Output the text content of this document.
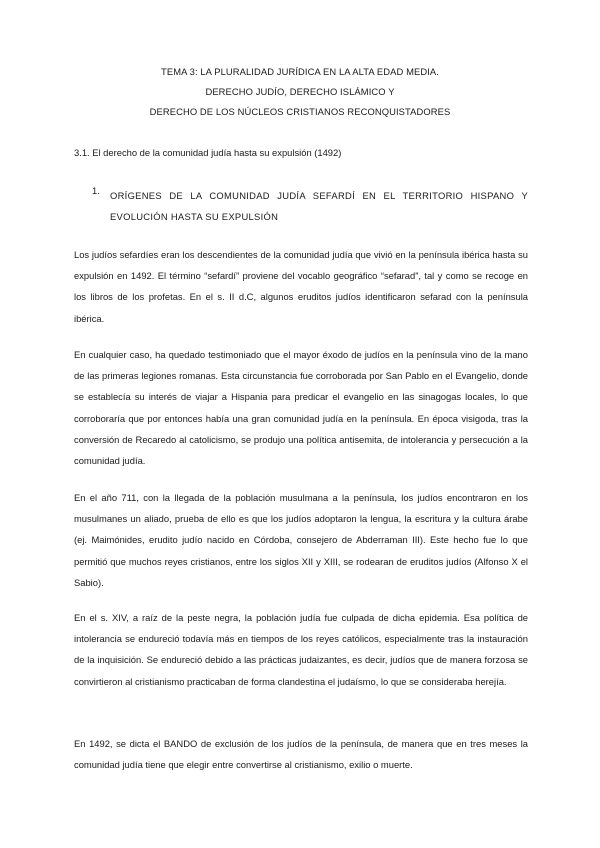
TEMA 3: LA PLURALIDAD JURÍDICA EN LA ALTA EDAD MEDIA.
DERECHO JUDÍO, DERECHO ISLÁMICO Y
DERECHO DE LOS NÚCLEOS CRISTIANOS RECONQUISTADORES
3.1. El derecho de la comunidad judía hasta su expulsión (1492)
1. ORÍGENES DE LA COMUNIDAD JUDÍA SEFARDÍ EN EL TERRITORIO HISPANO Y EVOLUCIÓN HASTA SU EXPULSIÓN

Los judíos sefardíes eran los descendientes de la comunidad judía que vivió en la península ibérica hasta su expulsión en 1492. El término “sefardí” proviene del vocablo geográfico “sefarad”, tal y como se recoge en los libros de los profetas. En el s. II d.C, algunos eruditos judíos identificaron sefarad con la península ibérica.

En cualquier caso, ha quedado testimoniado que el mayor éxodo de judíos en la península vino de la mano de las primeras legiones romanas. Esta circunstancia fue corroborada por San Pablo en el Evangelio, donde se establecía su interés de viajar a Hispania para predicar el evangelio en las sinagogas locales, lo que corroboraría que por entonces había una gran comunidad judía en la península. En época visigoda, tras la conversión de Recaredo al catolicismo, se produjo una política antisemita, de intolerancia y persecución a la comunidad judía.

En el año 711, con la llegada de la población musulmana a la península, los judíos encontraron en los musulmanes un aliado, prueba de ello es que los judíos adoptaron la lengua, la escritura y la cultura árabe (ej. Maimónides, erudito judío nacido en Córdoba, consejero de Abderraman III). Este hecho fue lo que permitió que muchos reyes cristianos, entre los siglos XII y XIII, se rodearan de eruditos judíos (Alfonso X el Sabio).

En el s. XIV, a raíz de la peste negra, la población judía fue culpada de dicha epidemia. Esa política de intolerancia se endureció todavía más en tiempos de los reyes católicos, especialmente tras la instauración de la inquisición. Se endureció debido a las prácticas judaizantes, es decir, judíos que de manera forzosa se convirtieron al cristianismo practicaban de forma clandestina el judaísmo, lo que se consideraba herejía.

En 1492, se dicta el BANDO de exclusión de los judíos de la península, de manera que en tres meses la comunidad judía tiene que elegir entre convertirse al cristianismo, exilio o muerte.
